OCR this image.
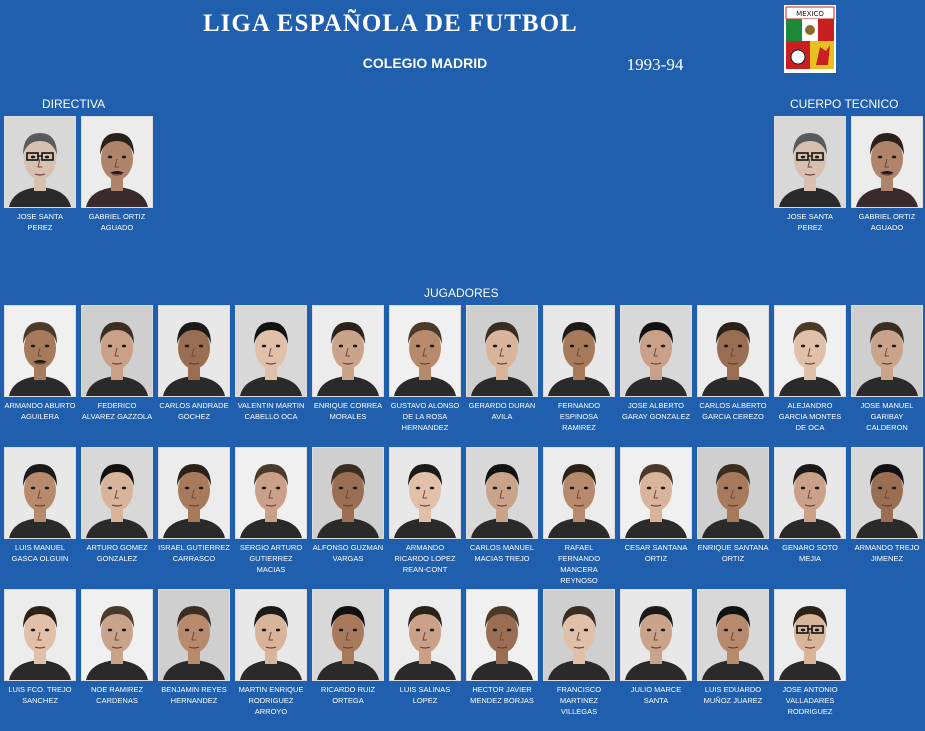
LIGA ESPAÑOLA DE FUTBOL
COLEGIO MADRID	1993-94
MEXICO
DIRECTIVA	CUERPO TECNICO
JUGADORES
JOSE SANTA PEREZ
GABRIEL ORTIZ AGUADO
JOSE SANTA PEREZ
GABRIEL ORTIZ AGUADO
ARMANDO ABURTO AGUILERA
FEDERICO ALVAREZ GAZZOLA
CARLOS ANDRADE GOCHEZ
VALENTIN MARTIN CABELLO OCA
ENRIQUE CORREA MORALES
GUSTAVO ALONSO DE LA ROSA HERNANDEZ
GERARDO DURAN AVILA
FERNANDO ESPINOSA RAMIREZ
JOSE ALBERTO GARAY GONZALEZ
CARLOS ALBERTO GARCIA CEREZO
ALEJANDRO GARCIA MONTES DE OCA
JOSE MANUEL GARIBAY CALDERON
LUIS MANUEL GASCA OLGUIN
ARTURO GOMEZ GONZALEZ
ISRAEL GUTIERREZ CARRASCO
SERGIO ARTURO GUTIERREZ MACIAS
ALFONSO GUZMAN VARGAS
ARMANDO RICARDO LOPEZ REAN-CONT
CARLOS MANUEL MACIAS TREJO
RAFAEL FERNANDO MANCERA REYNOSO
CESAR SANTANA ORTIZ
ENRIQUE SANTANA ORTIZ
GENARO SOTO MEJIA
ARMANDO TREJO JIMENEZ
LUIS FCO. TREJO SANCHEZ
NOE RAMIREZ CARDENAS
BENJAMIN REYES HERNANDEZ
MARTIN ENRIQUE RODRIGUEZ ARROYO
RICARDO RUIZ ORTEGA
LUIS SALINAS LOPEZ
HECTOR JAVIER MENDEZ BORJAS
FRANCISCO MARTINEZ VILLEGAS
JULIO MARCE SANTA
LUIS EDUARDO MUÑOZ JUAREZ
JOSE ANTONIO VALLADARES RODRIGUEZ
